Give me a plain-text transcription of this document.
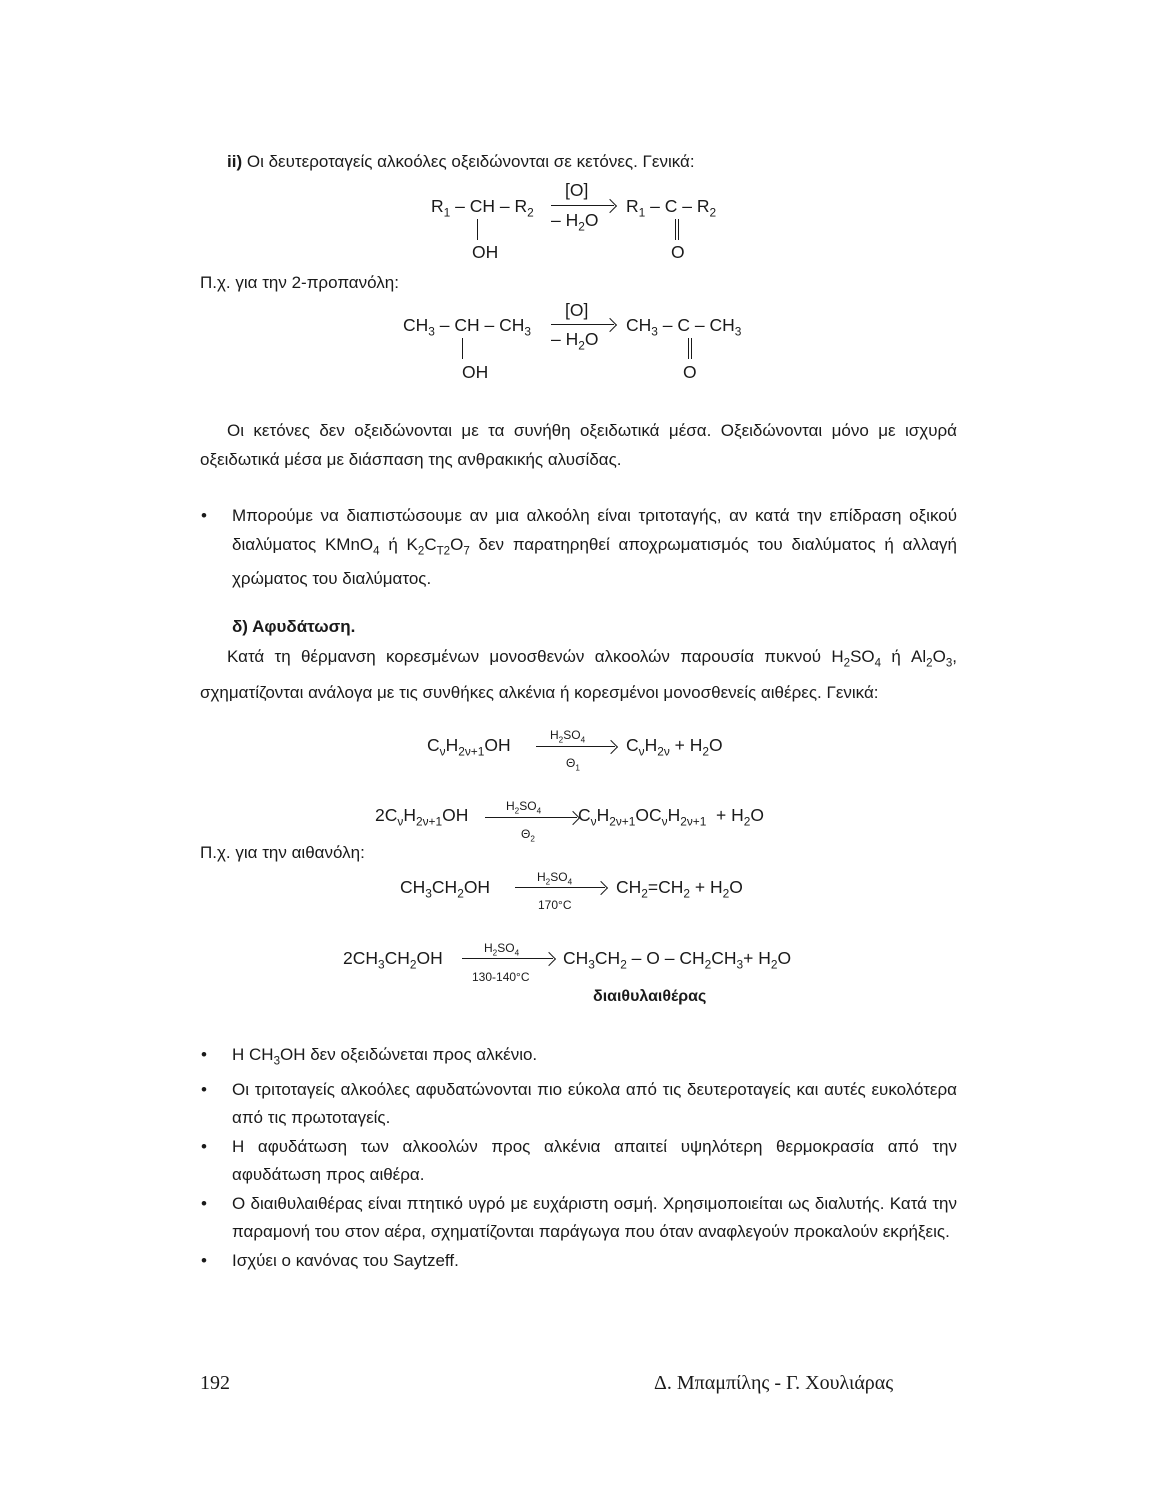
ii) Οι δευτεροταγείς αλκοόλες οξειδώνονται σε κετόνες. Γενικά:
$R_1$ – CH – $R_2$
OH
[O]
– $H_2O$
$R_1$ – C – $R_2$
O
Π.χ. για την 2-προπανόλη:
$CH_3$ – CH – $CH_3$
OH
[O]
– $H_2O$
$CH_3$ – C – $CH_3$
O
Οι κετόνες δεν οξειδώνονται με τα συνήθη οξειδωτικά μέσα. Οξειδώνονται μόνο με ισχυρά οξειδωτικά μέσα με διάσπαση της ανθρακικής αλυσίδας.
• Μπορούμε να διαπιστώσουμε αν μια αλκοόλη είναι τριτοταγής, αν κατά την επίδραση οξικού διαλύματος KMnO$_4$ ή $K_2C_{T2}O_7$ δεν παρατηρηθεί αποχρωματισμός του διαλύματος ή αλλαγή χρώματος του διαλύματος.
δ) Αφυδάτωση.
Κατά τη θέρμανση κορεσμένων μονοσθενών αλκοολών παρουσία πυκνού $H_2SO_4$ ή $Al_2O_3$, σχηματίζονται ανάλογα με τις συνθήκες αλκένια ή κορεσμένοι μονοσθενείς αιθέρες. Γενικά:
$C_\nu H_{2\nu+1}OH$	$H_2SO_4$
$\Theta_1$
$C_\nu H_{2\nu} + H_2O$
$2C_\nu H_{2\nu+1}OH$	$H_2SO_4$
$\Theta_2$
$C_\nu H_{2\nu+1}OC_\nu H_{2\nu+1} + H_2O$
Π.χ. για την αιθανόλη:
$CH_3CH_2OH$	$H_2SO_4$
170°C
$CH_2=CH_2 + H_2O$
$2CH_3CH_2OH$	$H_2SO_4$
130-140°C
$CH_3CH_2 - O - CH_2CH_3+ H_2O$
διαιθυλαιθέρας
• Η $CH_3OH$ δεν οξειδώνεται προς αλκένιο.
• Οι τριτοταγείς αλκοόλες αφυδατώνονται πιο εύκολα από τις δευτεροταγείς και αυτές ευκολότερα από τις πρωτοταγείς.
• Η αφυδάτωση των αλκοολών προς αλκένια απαιτεί υψηλότερη θερμοκρασία από την αφυδάτωση προς αιθέρα.
• Ο διαιθυλαιθέρας είναι πτητικό υγρό με ευχάριστη οσμή. Χρησιμοποιείται ως διαλυτής. Κατά την παραμονή του στον αέρα, σχηματίζονται παράγωγα που όταν αναφλεγούν προκαλούν εκρήξεις.
• Ισχύει ο κανόνας του Saytzeff.
192	Δ. Μπαμπίλης - Γ. Χουλιάρας
